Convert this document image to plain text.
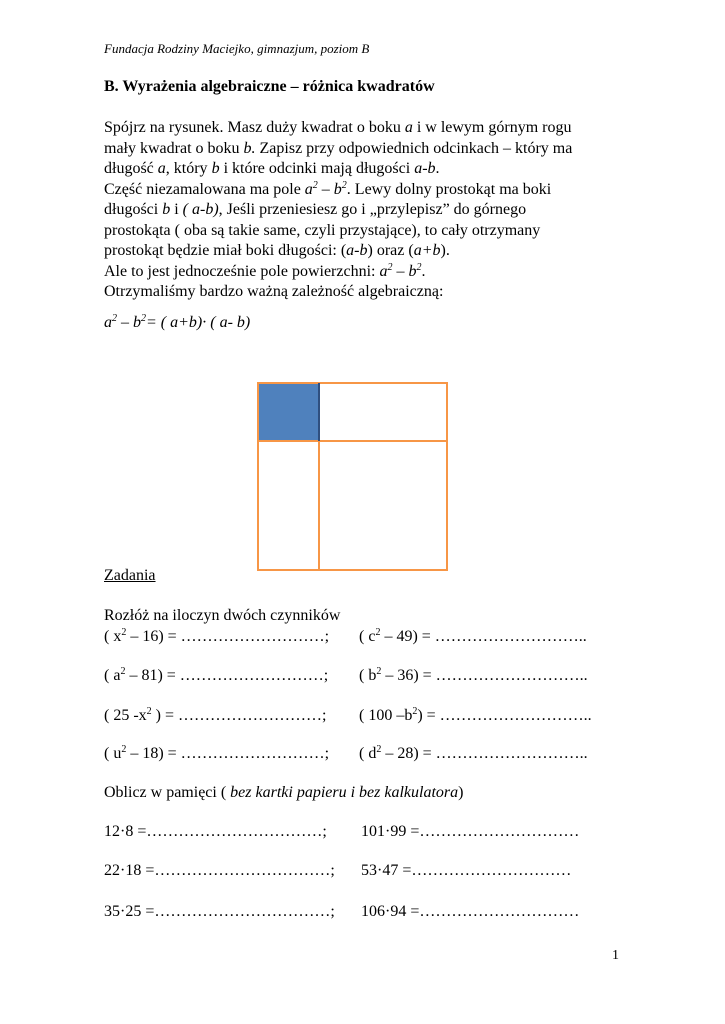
Fundacja Rodziny Maciejko, gimnazjum, poziom B
B. Wyrażenia algebraiczne – różnica kwadratów
Spójrz na rysunek. Masz duży kwadrat o boku a i w lewym górnym rogu
mały kwadrat o boku b. Zapisz przy odpowiednich odcinkach – który ma
długość a, który b i które odcinki mają długości a-b.
Część niezamalowana ma pole $a^2 - b^2$. Lewy dolny prostokąt ma boki
długości b i ( a-b), Jeśli przeniesiesz go i „przylepisz” do górnego
prostokąta ( oba są takie same, czyli przystające), to cały otrzymany
prostokąt będzie miał boki długości: (a-b) oraz (a+b).
Ale to jest jednocześnie pole powierzchni: $a^2 - b^2$.
Otrzymaliśmy bardzo ważną zależność algebraiczną:
$a^2 - b^2=$ ( a+b)· ( a- b)
Zadania
Rozłóż na iloczyn dwóch czynników
( $x^2 - 16$) = ………………………; ( $c^2 - 49$) = ………………………..
( $a^2 - 81$) = ………………………; ( $b^2 - 36$) = ………………………..
( 25 $-x^2$ ) = ………………………; ( 100 $-b^2$) = ………………………..
( $u^2 - 18$) = ………………………; ( $d^2 - 28$) = ………………………..
Oblicz w pamięci ( bez kartki papieru i bez kalkulatora)
12·8 =……………………………; 101·99 =…………………………
22·18 =……………………………; 53·47 =…………………………
35·25 =……………………………; 106·94 =…………………………
1
